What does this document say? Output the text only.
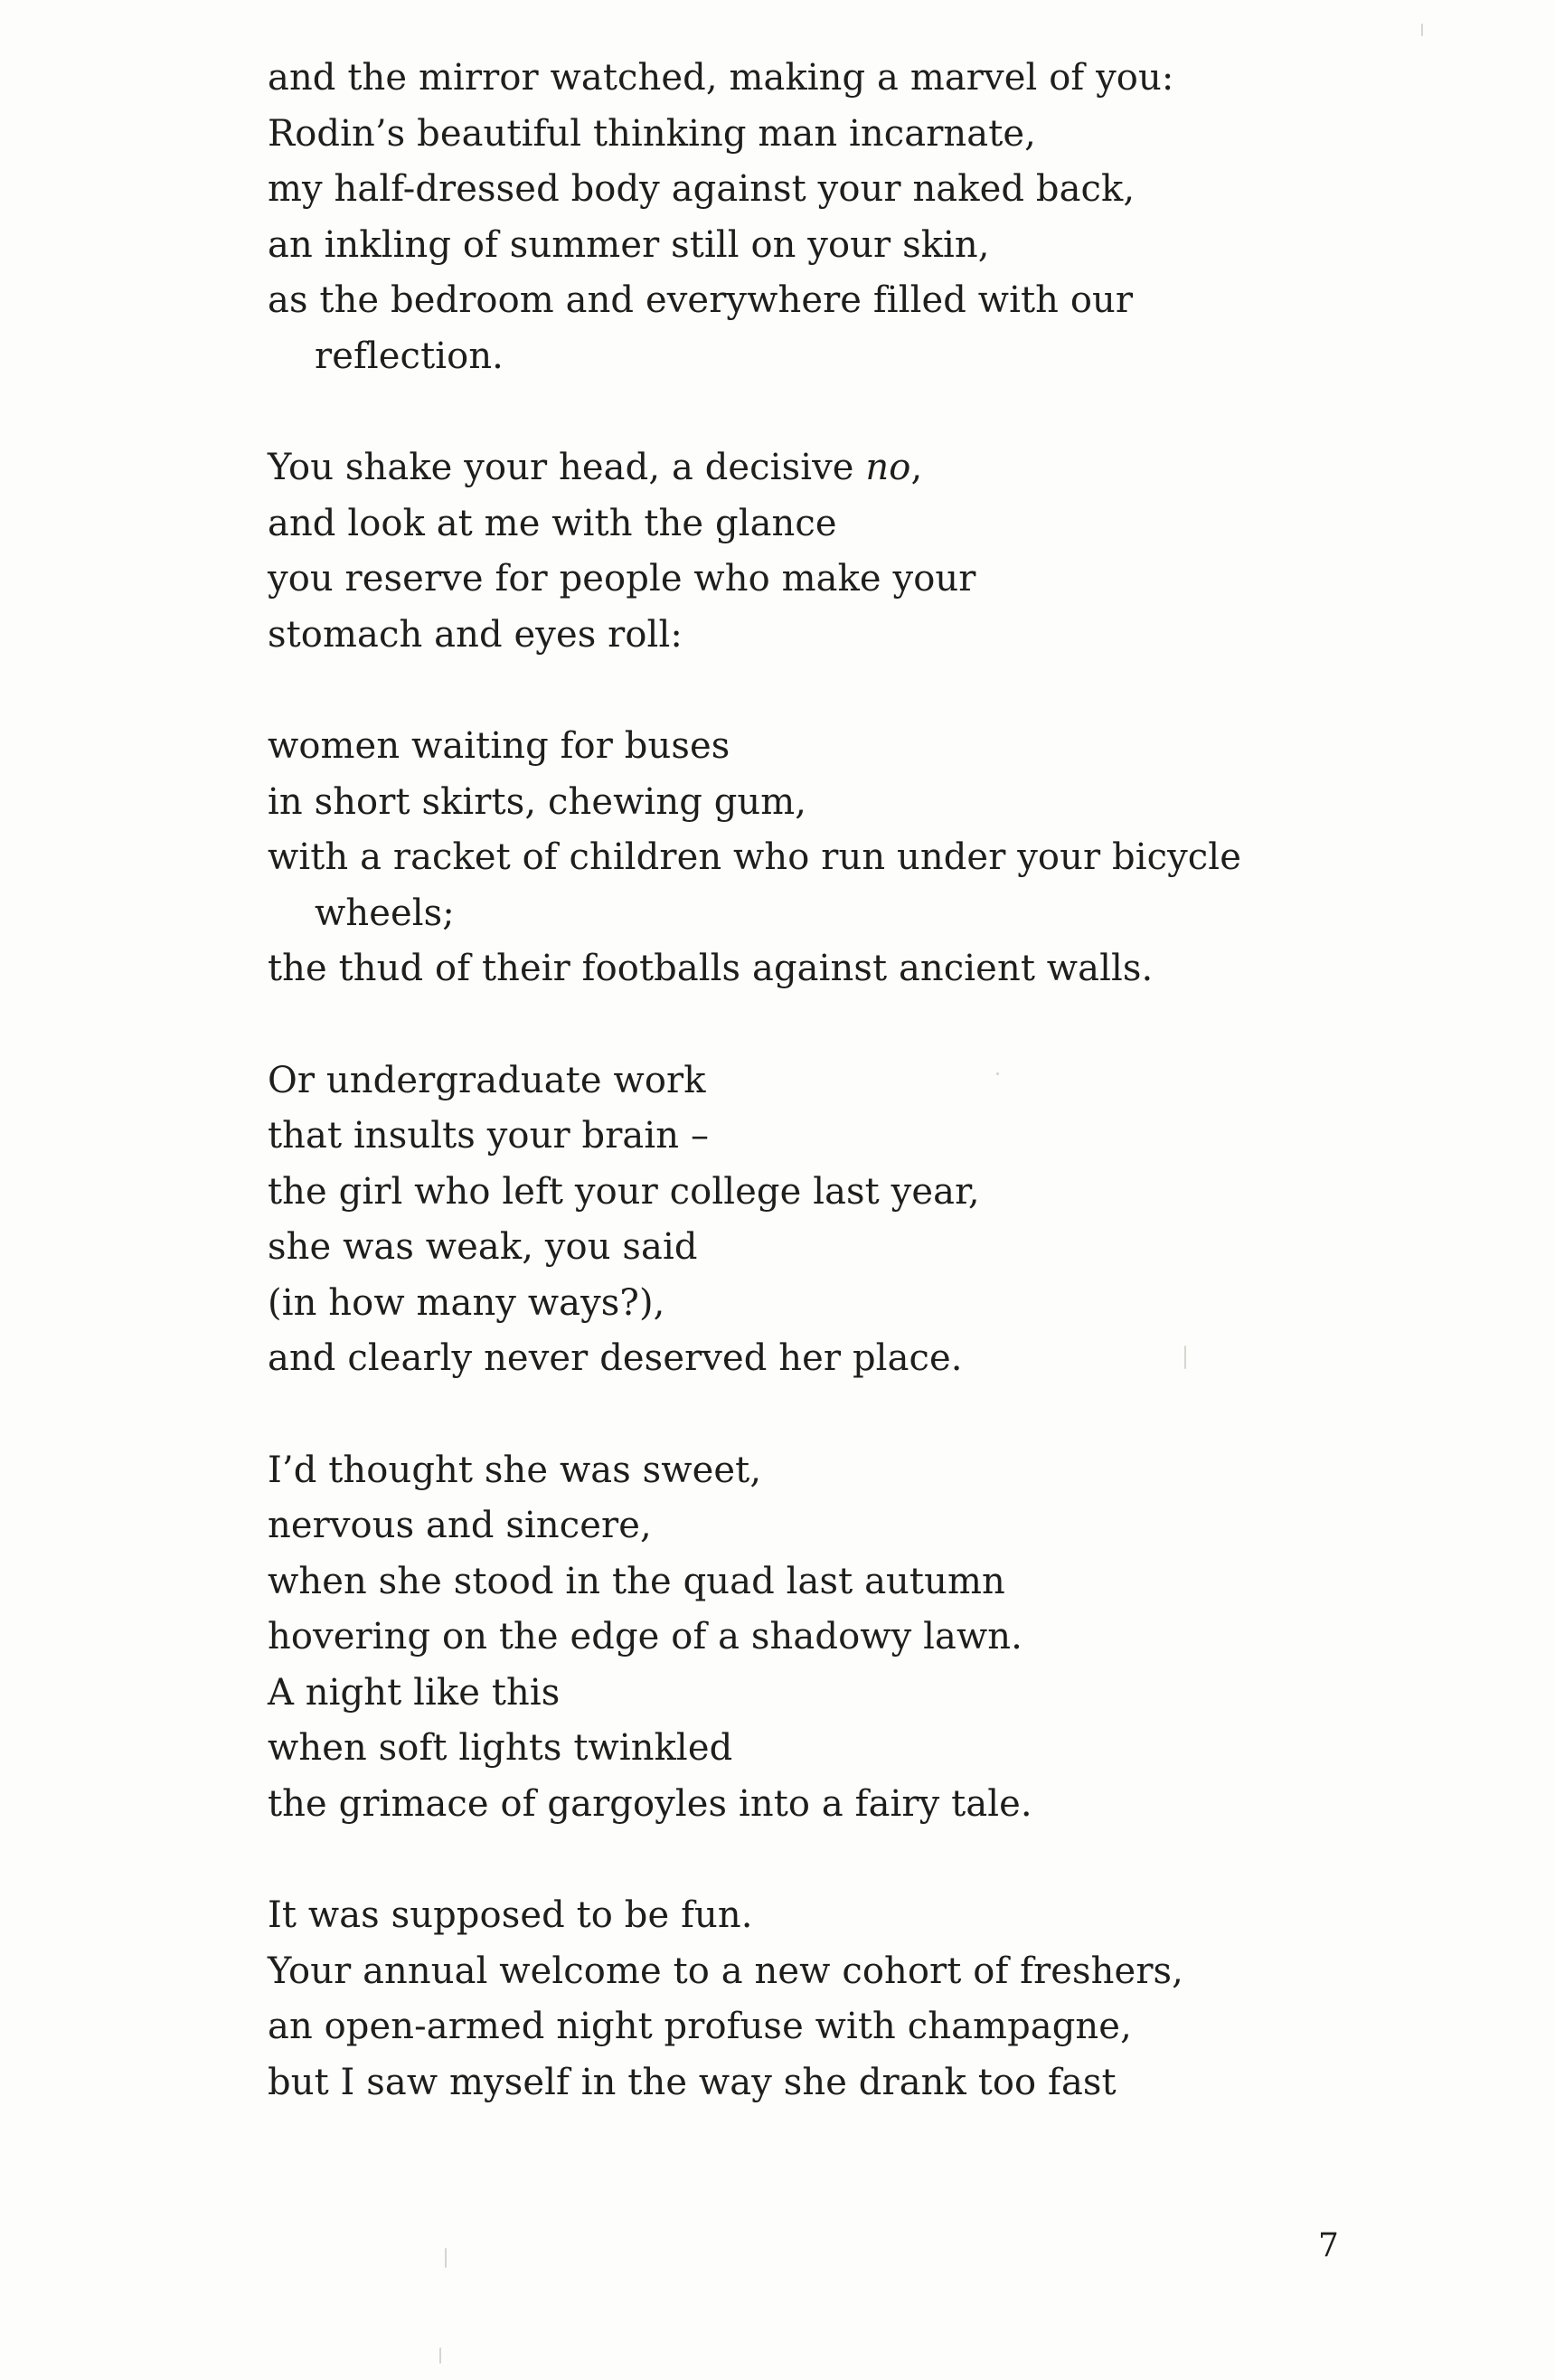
and the mirror watched, making a marvel of you:
Rodin’s beautiful thinking man incarnate,
my half-dressed body against your naked back,
an inkling of summer still on your skin,
as the bedroom and everywhere filled with our
reflection.
You shake your head, a decisive no,
and look at me with the glance
you reserve for people who make your
stomach and eyes roll:
women waiting for buses
in short skirts, chewing gum,
with a racket of children who run under your bicycle
wheels;
the thud of their footballs against ancient walls.
Or undergraduate work
that insults your brain –
the girl who left your college last year,
she was weak, you said
(in how many ways?),
and clearly never deserved her place.
I’d thought she was sweet,
nervous and sincere,
when she stood in the quad last autumn
hovering on the edge of a shadowy lawn.
A night like this
when soft lights twinkled
the grimace of gargoyles into a fairy tale.
It was supposed to be fun.
Your annual welcome to a new cohort of freshers,
an open-armed night profuse with champagne,
but I saw myself in the way she drank too fast
7
